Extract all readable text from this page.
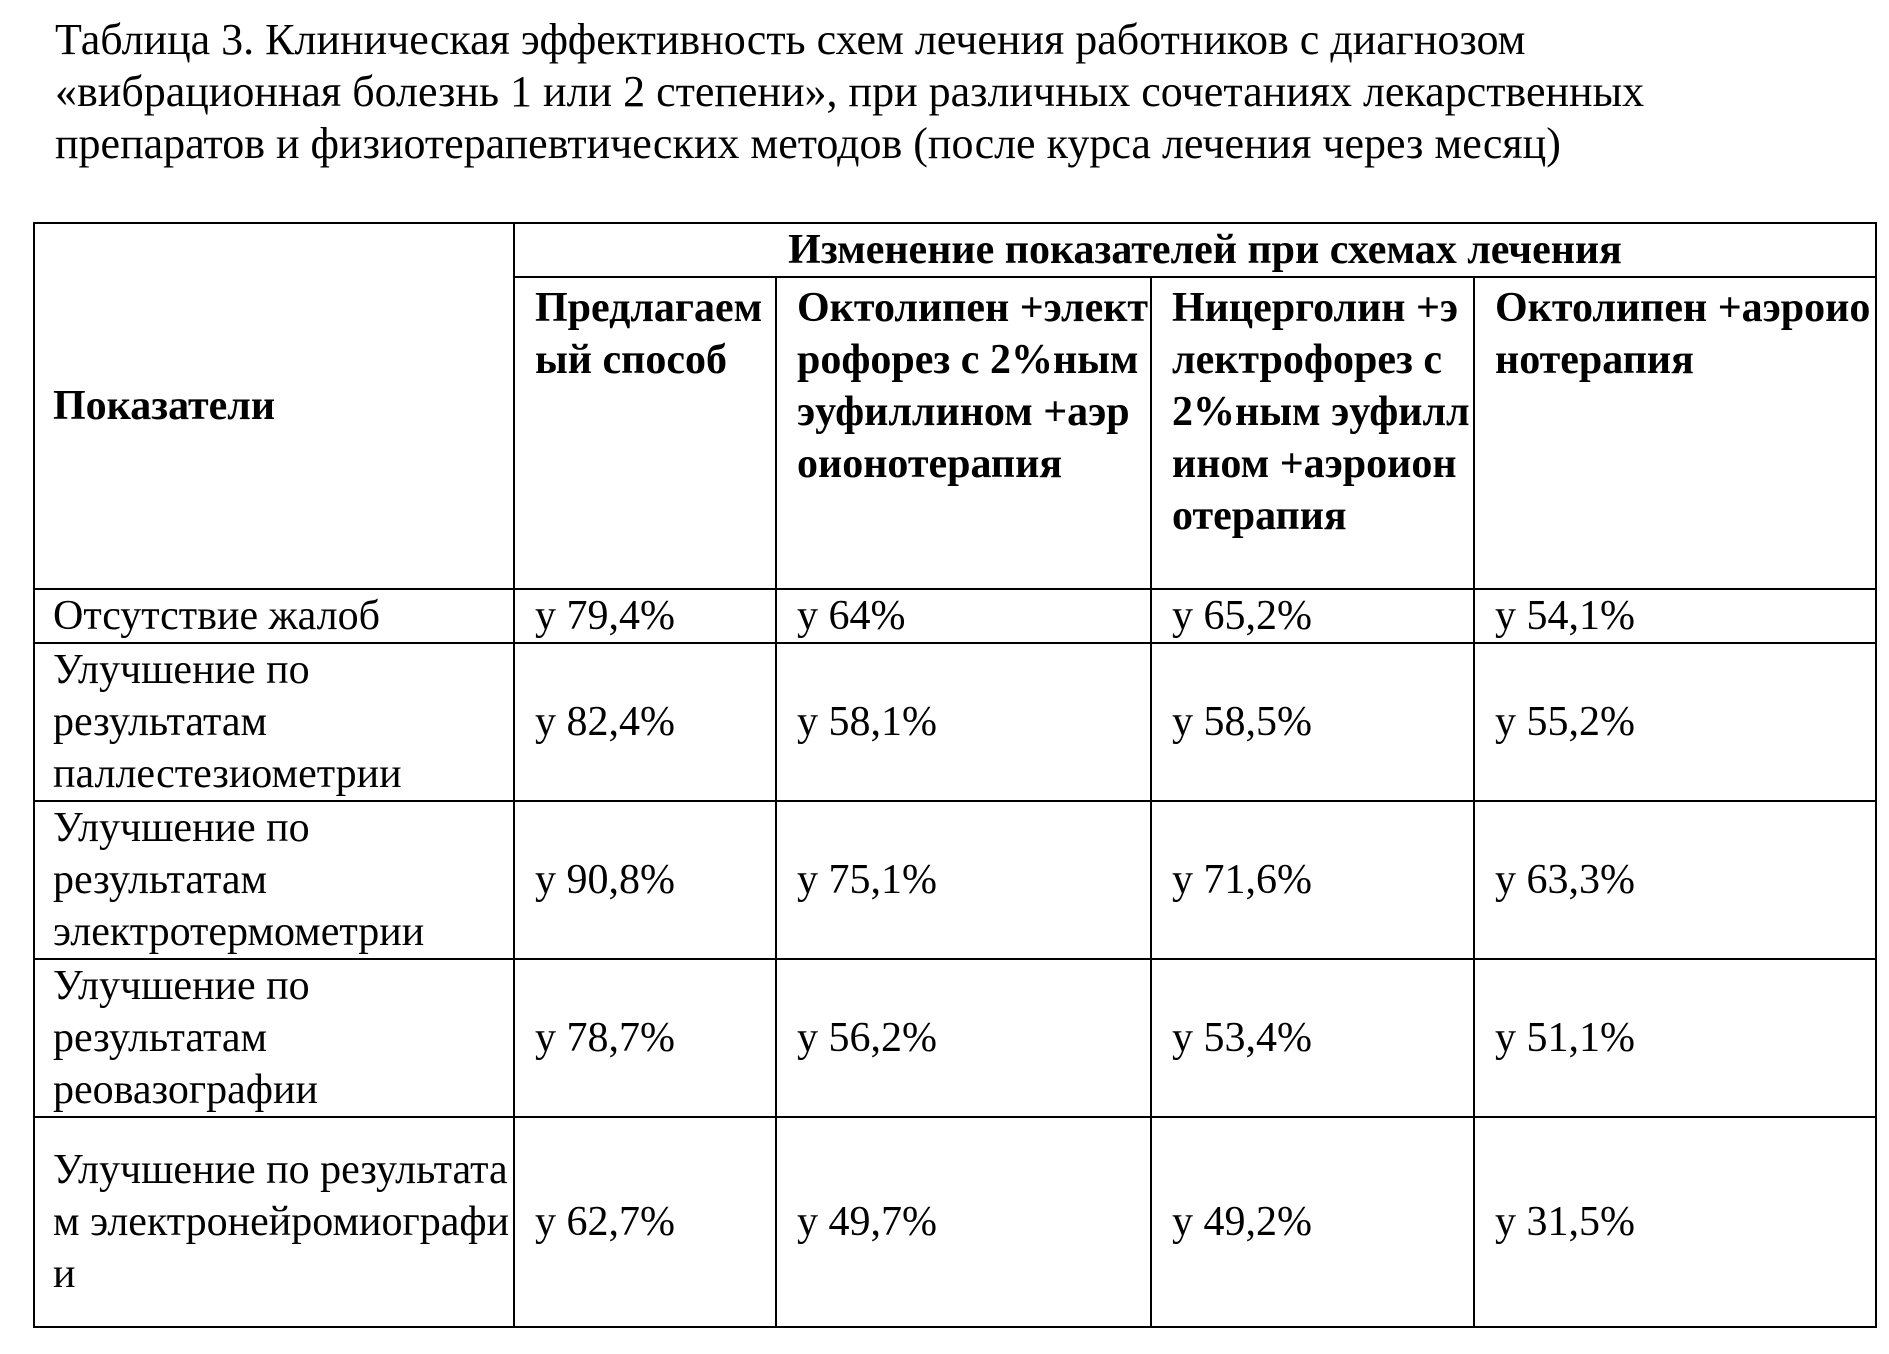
Таблица 3. Клиническая эффективность схем лечения работников с диагнозом
«вибрационная болезнь 1 или 2 степени», при различных сочетаниях лекарственных
препаратов и физиотерапевтических методов (после курса лечения через месяц)
Показатели	Изменение показателей при схемах лечения			
	Предлагаемый способ	Октолипен +электрофорез с 2%ным эуфиллином +аэроионотерапия	Ницерголин +электрофорез с 2%ным эуфиллином +аэроионотерапия	Октолипен +аэроионотерапия
Отсутствие жалоб	у 79,4%	у 64%	у 65,2%	у 54,1%
Улучшение по результатам паллестезиометрии	у 82,4%	у 58,1%	у 58,5%	у 55,2%
Улучшение по результатам электротермометрии	у 90,8%	у 75,1%	у 71,6%	у 63,3%
Улучшение по результатам реовазографии	у 78,7%	у 56,2%	у 53,4%	у 51,1%
Улучшение по результатам электронейромиографии	у 62,7%	у 49,7%	у 49,2%	у 31,5%
